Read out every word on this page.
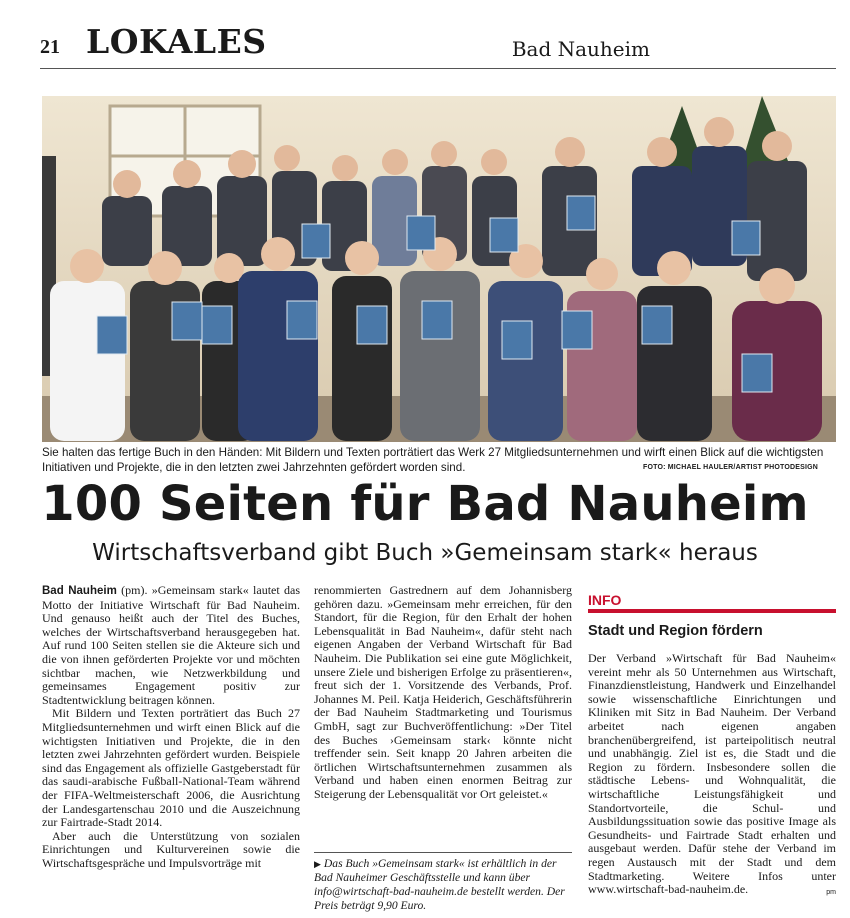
21 LOKALES	Bad Nauheim
Sie halten das fertige Buch in den Händen: Mit Bildern und Texten porträtiert das Werk 27 Mitgliedsunternehmen und wirft einen Blick auf die wichtigsten Initiativen und Projekte, die in den letzten zwei Jahrzehnten gefördert worden sind.	FOTO: MICHAEL HAULER/ARTIST PHOTODESIGN
100 Seiten für Bad Nauheim
Wirtschaftsverband gibt Buch »Gemeinsam stark« heraus

Bad Nauheim (pm). »Gemeinsam stark« lautet das Motto der Initiative Wirtschaft für Bad Nauheim. Und genauso heißt auch der Titel des Buches, welches der Wirtschaftsverband herausgegeben hat. Auf rund 100 Seiten stellen sie die Akteure sich und die von ihnen geförderten Projekte vor und möchten sichtbar machen, wie Netzwerkbildung und gemeinsames Engagement positiv zur Stadtentwicklung beitragen können.

Mit Bildern und Texten porträtiert das Buch 27 Mitgliedsunternehmen und wirft einen Blick auf die wichtigsten Initiativen und Projekte, die in den letzten zwei Jahrzehnten gefördert wurden. Beispiele sind das Engagement als offizielle Gastgeberstadt für das saudi-arabische Fußball-National-Team während der FIFA-Weltmeisterschaft 2006, die Ausrichtung der Landesgartenschau 2010 und die Auszeichnung zur Fairtrade-Stadt 2014.

Aber auch die Unterstützung von sozialen Einrichtungen und Kulturvereinen sowie die Wirtschaftsgespräche und Impulsvorträge mit

renommierten Gastrednern auf dem Johannisberg gehören dazu. »Gemeinsam mehr erreichen, für den Standort, für die Region, für den Erhalt der hohen Lebensqualität in Bad Nauheim«, dafür steht nach eigenen Angaben der Verband Wirtschaft für Bad Nauheim. Die Publikation sei eine gute Möglichkeit, unsere Ziele und bisherigen Erfolge zu präsentieren«, freut sich der 1. Vorsitzende des Verbands, Prof. Johannes M. Peil. Katja Heiderich, Geschäftsführerin der Bad Nauheim Stadtmarketing und Tourismus GmbH, sagt zur Buchveröffentlichung: »Der Titel des Buches ›Gemeinsam stark‹ könnte nicht treffender sein. Seit knapp 20 Jahren arbeiten die örtlichen Wirtschaftsunternehmen zusammen als Verband und haben einen enormen Beitrag zur Steigerung der Lebensqualität vor Ort geleistet.«

▶ Das Buch »Gemeinsam stark« ist erhältlich in der Bad Nauheimer Geschäftsstelle und kann über info@wirtschaft-bad-nauheim.de bestellt werden. Der Preis beträgt 9,90 Euro.
INFO
Stadt und Region fördern
Der Verband »Wirtschaft für Bad Nauheim« vereint mehr als 50 Unternehmen aus Wirtschaft, Finanzdienstleistung, Handwerk und Einzelhandel sowie wissenschaftliche Einrichtungen und Kliniken mit Sitz in Bad Nauheim. Der Verband arbeitet nach eigenen angaben branchenübergreifend, ist parteipolitisch neutral und unabhängig. Ziel ist es, die Stadt und die Region zu fördern. Insbesondere sollen die städtische Lebens- und Wohnqualität, die wirtschaftliche Leistungsfähigkeit und Standortvorteile, die Schul- und Ausbildungssituation sowie das positive Image als Gesundheits- und Fairtrade Stadt erhalten und ausgebaut werden. Dafür stehe der Verband im regen Austausch mit der Stadt und dem Stadtmarketing. Weitere Infos unter www.wirtschaft-bad-nauheim.de.	pm
